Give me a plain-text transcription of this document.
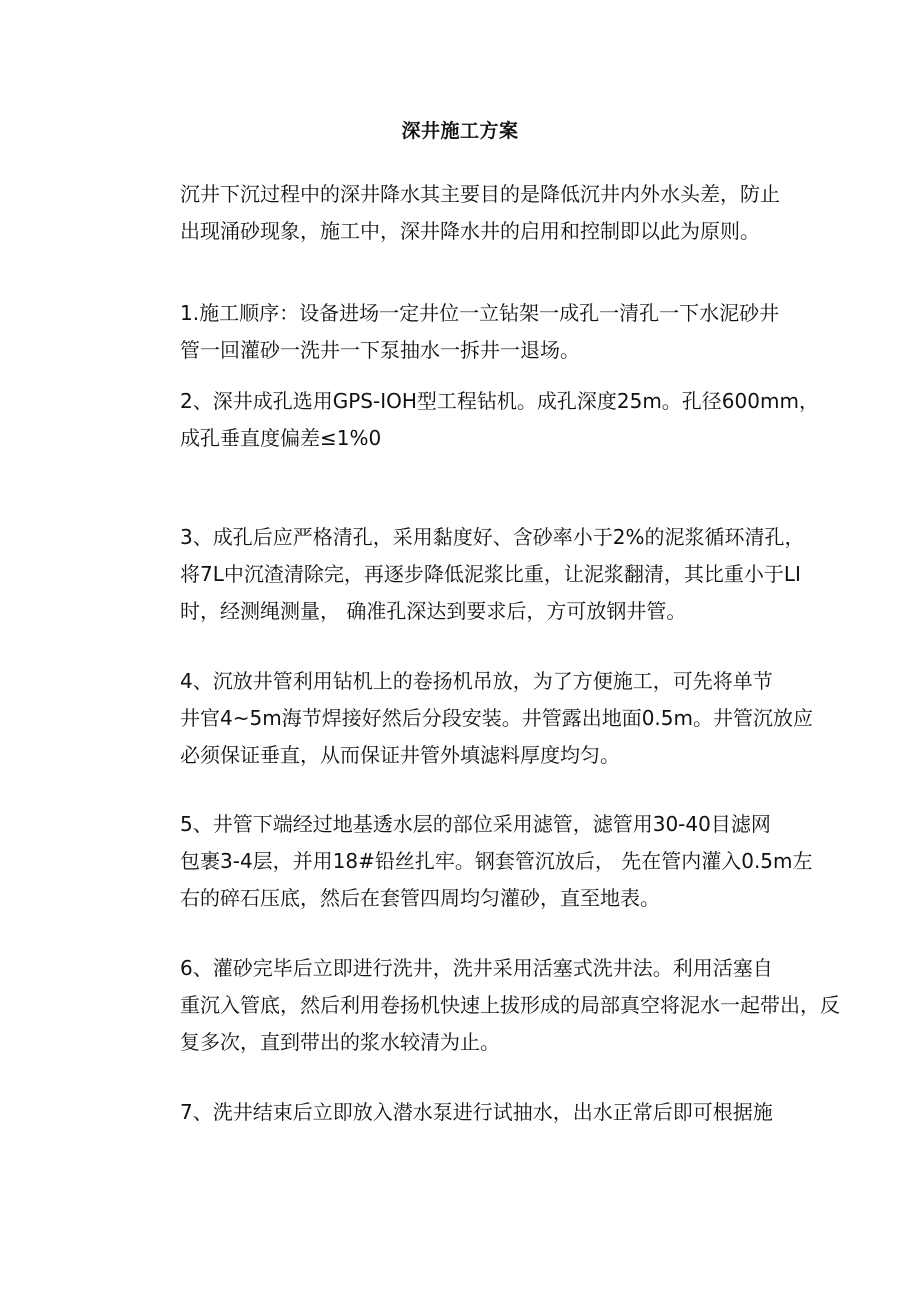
深井施工方案

沉井下沉过程中的深井降水其主要目的是降低沉井内外水头差，防止
出现涌砂现象，施工中，深井降水井的启用和控制即以此为原则。

1.施工顺序：设备进场一定井位一立钻架一成孔一清孔一下水泥砂井
管一回灌砂一洗井一下泵抽水一拆井一退场。

2、深井成孔选用GPS-IOH型工程钻机。成孔深度25m。孔径600mm，
成孔垂直度偏差≤1%0

3、成孔后应严格清孔，采用黏度好、含砂率小于2%的泥浆循环清孔，
将7L中沉渣清除完，再逐步降低泥浆比重，让泥浆翻清，其比重小于LI
时，经测绳测量， 确准孔深达到要求后，方可放钢井管。

4、沉放井管利用钻机上的卷扬机吊放，为了方便施工，可先将单节
井官4~5m海节焊接好然后分段安装。井管露出地面0.5m。井管沉放应
必须保证垂直，从而保证井管外填滤料厚度均匀。

5、井管下端经过地基透水层的部位采用滤管，滤管用30-40目滤网
包裹3-4层，并用18#铅丝扎牢。钢套管沉放后， 先在管内灌入0.5m左
右的碎石压底，然后在套管四周均匀灌砂，直至地表。

6、灌砂完毕后立即进行洗井，洗井采用活塞式洗井法。利用活塞自
重沉入管底，然后利用卷扬机快速上拔形成的局部真空将泥水一起带出，反
复多次，直到带出的浆水较清为止。

7、洗井结束后立即放入潜水泵进行试抽水，出水正常后即可根据施
